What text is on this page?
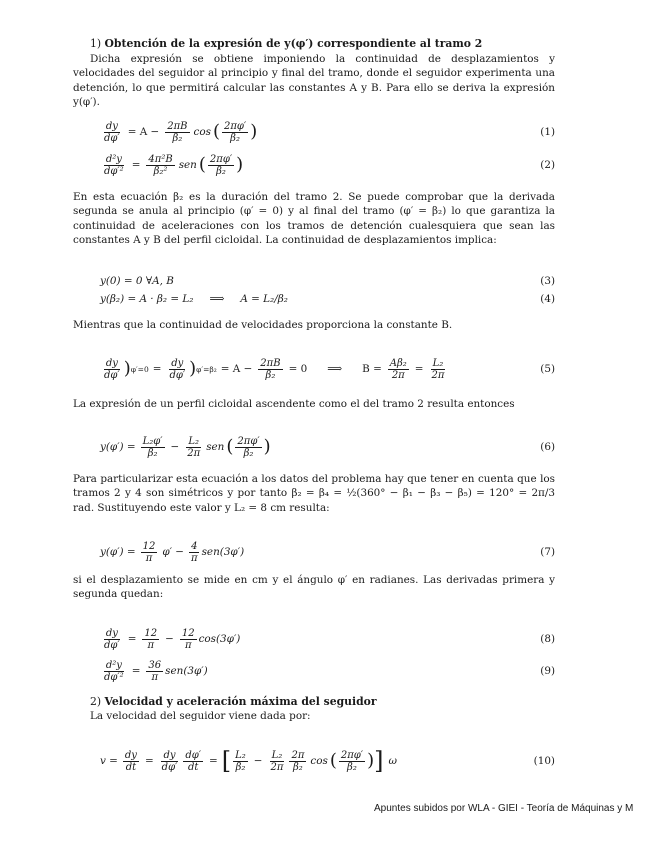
1) Obtención de la expresión de y(φ′) correspondiente al tramo 2

Dicha expresión se obtiene imponiendo la continuidad de desplazamientos y velocidades del seguidor al principio y final del tramo, donde el seguidor experimenta una detención, lo que permitirá calcular las constantes A y B. Para ello se deriva la expresión y(φ′).

$\frac{dy}{d\varphi'} = A - \frac{2\pi B}{\text{β₂}}$ cos ( $\frac{2\pi\varphi'}{\text{β₂}}$ )	(1)
$\frac{\text{d²y}}{\text{dφ′²}} = \frac{\text{4π²B}}{\text{β₂²}}$ sen ( $\frac{2\pi\varphi'}{\text{β₂}}$ )	(2)

En esta ecuación β₂ es la duración del tramo 2. Se puede comprobar que la derivada segunda se anula al principio (φ′ = 0) y al final del tramo (φ′ = β₂) lo que garantiza la continuidad de aceleraciones con los tramos de detención cualesquiera que sean las constantes A y B del perfil cicloidal. La continuidad de desplazamientos implica:

y(0) = 0 ∀A, B	(3)
y(β₂) = A · β₂ = L₂ ⟹ A = L₂/β₂	(4)

Mientras que la continuidad de velocidades proporciona la constante B.

$\frac{dy}{d\varphi'}$ ) $\varphi'=0 = \frac{dy}{d\varphi'}$ ) $\varphi'=\beta_2 = A - \frac{2\pi B}{\text{β₂}} = 0$ ⟹ $B = \frac{\text{Aβ₂}}{2\pi} = \frac{\text{L₂}}{2\pi}$	(5)

La expresión de un perfil cicloidal ascendente como el del tramo 2 resulta entonces

$y(\varphi') = \frac{\text{L₂φ′}}{\text{β₂}} - \frac{\text{L₂}}{2\pi}$ sen ( $\frac{2\pi\varphi'}{\text{β₂}}$ )	(6)

Para particularizar esta ecuación a los datos del problema hay que tener en cuenta que los tramos 2 y 4 son simétricos y por tanto β₂ = β₄ = ½(360° − β₁ − β₃ − β₅) = 120° = 2π/3 rad. Sustituyendo este valor y L₂ = 8 cm resulta:

$y(\varphi') = \frac{12}{\pi} \varphi' - \frac{4}{\pi} sen(3\varphi')$	(7)

si el desplazamiento se mide en cm y el ángulo φ′ en radianes. Las derivadas primera y segunda quedan:

$\frac{dy}{d\varphi'} = \frac{12}{\pi} - \frac{12}{\pi} \cos(3\varphi')$	(8)
$\frac{\text{d²y}}{\text{dφ′²}} = \frac{36}{\pi} sen(3\varphi')$	(9)

2) Velocidad y aceleración máxima del seguidor

La velocidad del seguidor viene dada por:

$v = \frac{dy}{dt} = \frac{dy}{d\varphi'} \frac{d\varphi'}{dt}$ = [ $\frac{\text{L₂}}{\text{β₂}} - \frac{\text{L₂}}{2\pi} \frac{2\pi}{\text{β₂}}$ cos ( $\frac{2\pi\varphi'}{\text{β₂}}$ ) ] ω	(10)
Apuntes subidos por WLA - GIEI - Teoría de Máquinas y M
